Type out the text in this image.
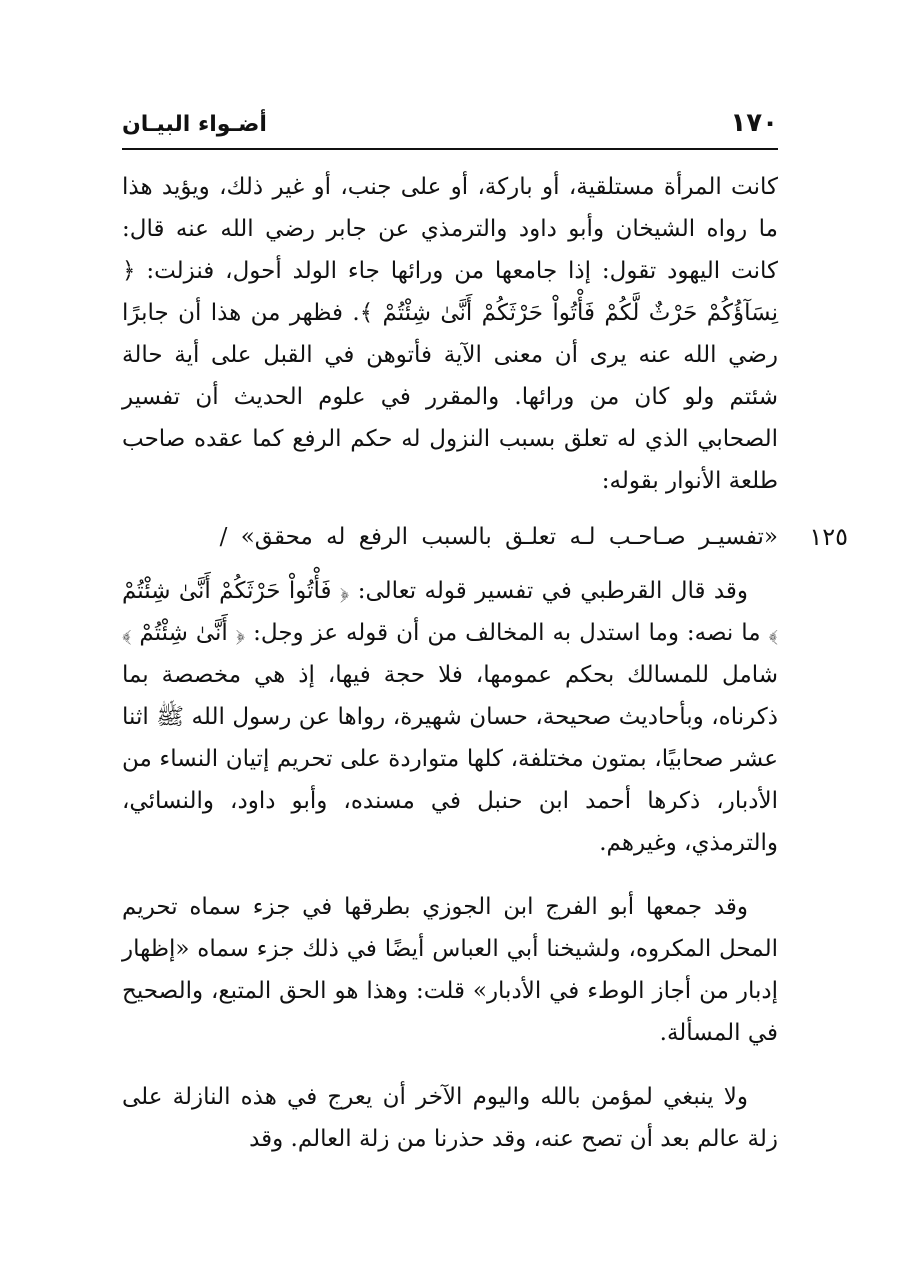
١٧٠
أضـواء البيـان

كانت المرأة مستلقية، أو باركة، أو على جنب، أو غير ذلك، ويؤيد هذا ما رواه الشيخان وأبو داود والترمذي عن جابر رضي الله عنه قال: كانت اليهود تقول: إذا جامعها من ورائها جاء الولد أحول، فنزلت: ﴿ نِسَآؤُكُمْ حَرْثٌ لَّكُمْ فَأْتُواْ حَرْثَكُمْ أَنَّىٰ شِئْتُمْ ﴾. فظهر من هذا أن جابرًا رضي الله عنه يرى أن معنى الآية فأتوهن في القبل على أية حالة شئتم ولو كان من ورائها. والمقرر في علوم الحديث أن تفسير الصحابي الذي له تعلق بسبب النزول له حكم الرفع كما عقده صاحب طلعة الأنوار بقوله:

١٢٥
«تفسيـر صـاحـب لـه تعلـق بالسبب الرفع له محقق» /

وقد قال القرطبي في تفسير قوله تعالى: ﴿ فَأْتُواْ حَرْثَكُمْ أَنَّىٰ شِئْتُمْ ﴾ ما نصه: وما استدل به المخالف من أن قوله عز وجل: ﴿ أَنَّىٰ شِئْتُمْ ﴾ شامل للمسالك بحكم عمومها، فلا حجة فيها، إذ هي مخصصة بما ذكرناه، وبأحاديث صحيحة، حسان شهيرة، رواها عن رسول الله ﷺ اثنا عشر صحابيًا، بمتون مختلفة، كلها متواردة على تحريم إتيان النساء من الأدبار، ذكرها أحمد ابن حنبل في مسنده، وأبو داود، والنسائي، والترمذي، وغيرهم.

وقد جمعها أبو الفرج ابن الجوزي بطرقها في جزء سماه تحريم المحل المكروه، ولشيخنا أبي العباس أيضًا في ذلك جزء سماه «إظهار إدبار من أجاز الوطء في الأدبار» قلت: وهذا هو الحق المتبع، والصحيح في المسألة.

ولا ينبغي لمؤمن بالله واليوم الآخر أن يعرج في هذه النازلة على زلة عالم بعد أن تصح عنه، وقد حذرنا من زلة العالم. وقد
